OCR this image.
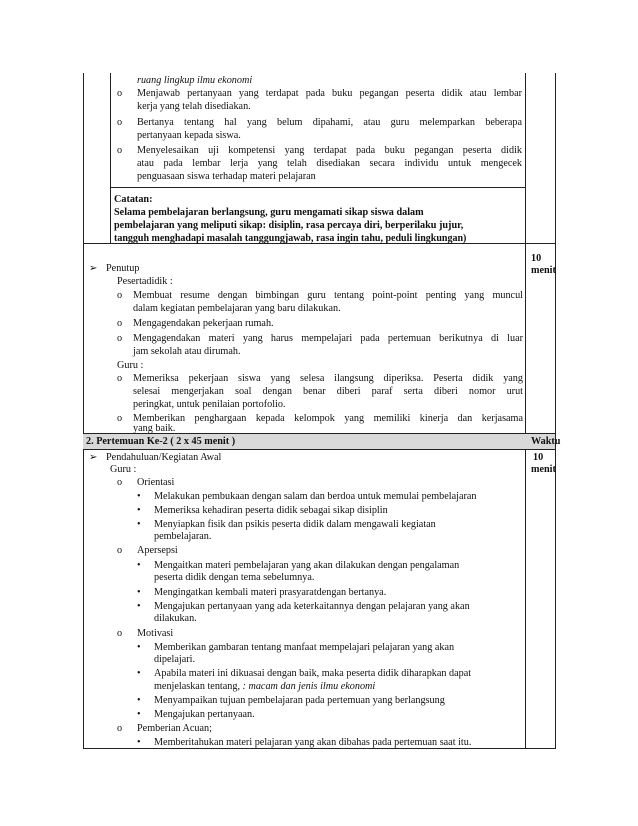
ruang lingkup ilmu ekonomi
o Menjawab pertanyaan yang terdapat pada buku pegangan peserta didik atau lembar
kerja yang telah disediakan.
o Bertanya tentang hal yang belum dipahami, atau guru melemparkan beberapa
pertanyaan kepada siswa.
o Menyelesaikan uji kompetensi yang terdapat pada buku pegangan peserta didik
atau pada lembar lerja yang telah disediakan secara individu untuk mengecek
penguasaan siswa terhadap materi pelajaran
Catatan:
Selama pembelajaran berlangsung, guru mengamati sikap siswa dalam
pembelajaran yang meliputi sikap: disiplin, rasa percaya diri, berperilaku jujur,
tangguh menghadapi masalah tanggungjawab, rasa ingin tahu, peduli lingkungan)
➢ Penutup
10
menit
Pesertadidik :
o Membuat resume dengan bimbingan guru tentang point-point penting yang muncul
dalam kegiatan pembelajaran yang baru dilakukan.
o Mengagendakan pekerjaan rumah.
o Mengagendakan materi yang harus mempelajari pada pertemuan berikutnya di luar
jam sekolah atau dirumah.
Guru :
o Memeriksa pekerjaan siswa yang selesa ilangsung diperiksa. Peserta didik yang
selesai mengerjakan soal dengan benar diberi paraf serta diberi nomor urut
peringkat, untuk penilaian portofolio.
o Memberikan penghargaan kepada kelompok yang memiliki kinerja dan kerjasama
yang baik.
2. Pertemuan Ke-2 ( 2 x 45 menit )	Waktu
➢ Pendahuluan/Kegiatan Awal	10
menit
Guru :
o Orientasi
• Melakukan pembukaan dengan salam dan berdoa untuk memulai pembelajaran
• Memeriksa kehadiran peserta didik sebagai sikap disiplin
• Menyiapkan fisik dan psikis peserta didik dalam mengawali kegiatan
pembelajaran.
o Apersepsi
• Mengaitkan materi pembelajaran yang akan dilakukan dengan pengalaman
peserta didik dengan tema sebelumnya.
• Mengingatkan kembali materi prasyaratdengan bertanya.
• Mengajukan pertanyaan yang ada keterkaitannya dengan pelajaran yang akan
dilakukan.
o Motivasi
• Memberikan gambaran tentang manfaat mempelajari pelajaran yang akan
dipelajari.
• Apabila materi ini dikuasai dengan baik, maka peserta didik diharapkan dapat
menjelaskan tentang, : macam dan jenis ilmu ekonomi
• Menyampaikan tujuan pembelajaran pada pertemuan yang berlangsung
• Mengajukan pertanyaan.
o Pemberian Acuan;
• Memberitahukan materi pelajaran yang akan dibahas pada pertemuan saat itu.
